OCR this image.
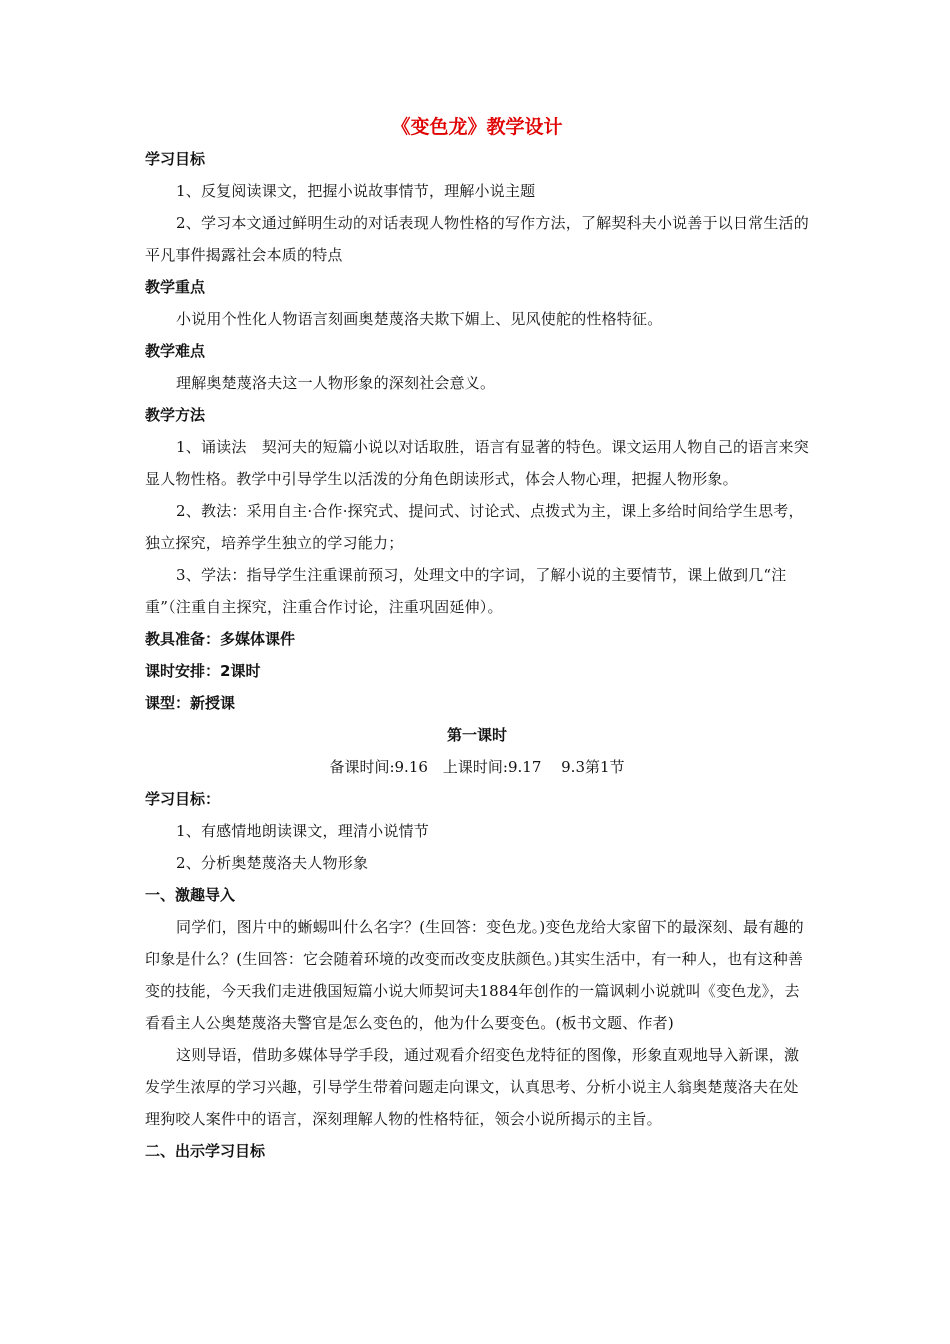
《变色龙》教学设计
学习目标
1、反复阅读课文，把握小说故事情节，理解小说主题
2、学习本文通过鲜明生动的对话表现人物性格的写作方法，了解契科夫小说善于以日常生活的平凡事件揭露社会本质的特点
教学重点
小说用个性化人物语言刻画奥楚蔑洛夫欺下媚上、见风使舵的性格特征。
教学难点
理解奥楚蔑洛夫这一人物形象的深刻社会意义。
教学方法
1、诵读法　契河夫的短篇小说以对话取胜，语言有显著的特色。课文运用人物自己的语言来突显人物性格。教学中引导学生以活泼的分角色朗读形式，体会人物心理，把握人物形象。
2、教法：采用自主·合作·探究式、提问式、讨论式、点拨式为主，课上多给时间给学生思考，独立探究，培养学生独立的学习能力；
3、学法：指导学生注重课前预习，处理文中的字词，了解小说的主要情节，课上做到几“注重”（注重自主探究，注重合作讨论，注重巩固延伸）。
教具准备：多媒体课件
课时安排：2课时
课型：新授课
第一课时
备课时间:9.16　上课时间:9.17　 9.3第1节
学习目标：
1、有感情地朗读课文，理清小说情节
2、分析奥楚蔑洛夫人物形象
一、激趣导入
同学们，图片中的蜥蜴叫什么名字？(生回答：变色龙。)变色龙给大家留下的最深刻、最有趣的印象是什么？(生回答：它会随着环境的改变而改变皮肤颜色。)其实生活中，有一种人，也有这种善变的技能，今天我们走进俄国短篇小说大师契诃夫1884年创作的一篇讽刺小说就叫《变色龙》，去看看主人公奥楚蔑洛夫警官是怎么变色的，他为什么要变色。(板书文题、作者)
这则导语，借助多媒体导学手段，通过观看介绍变色龙特征的图像，形象直观地导入新课，激发学生浓厚的学习兴趣，引导学生带着问题走向课文，认真思考、分析小说主人翁奥楚蔑洛夫在处理狗咬人案件中的语言，深刻理解人物的性格特征，领会小说所揭示的主旨。
二、出示学习目标
